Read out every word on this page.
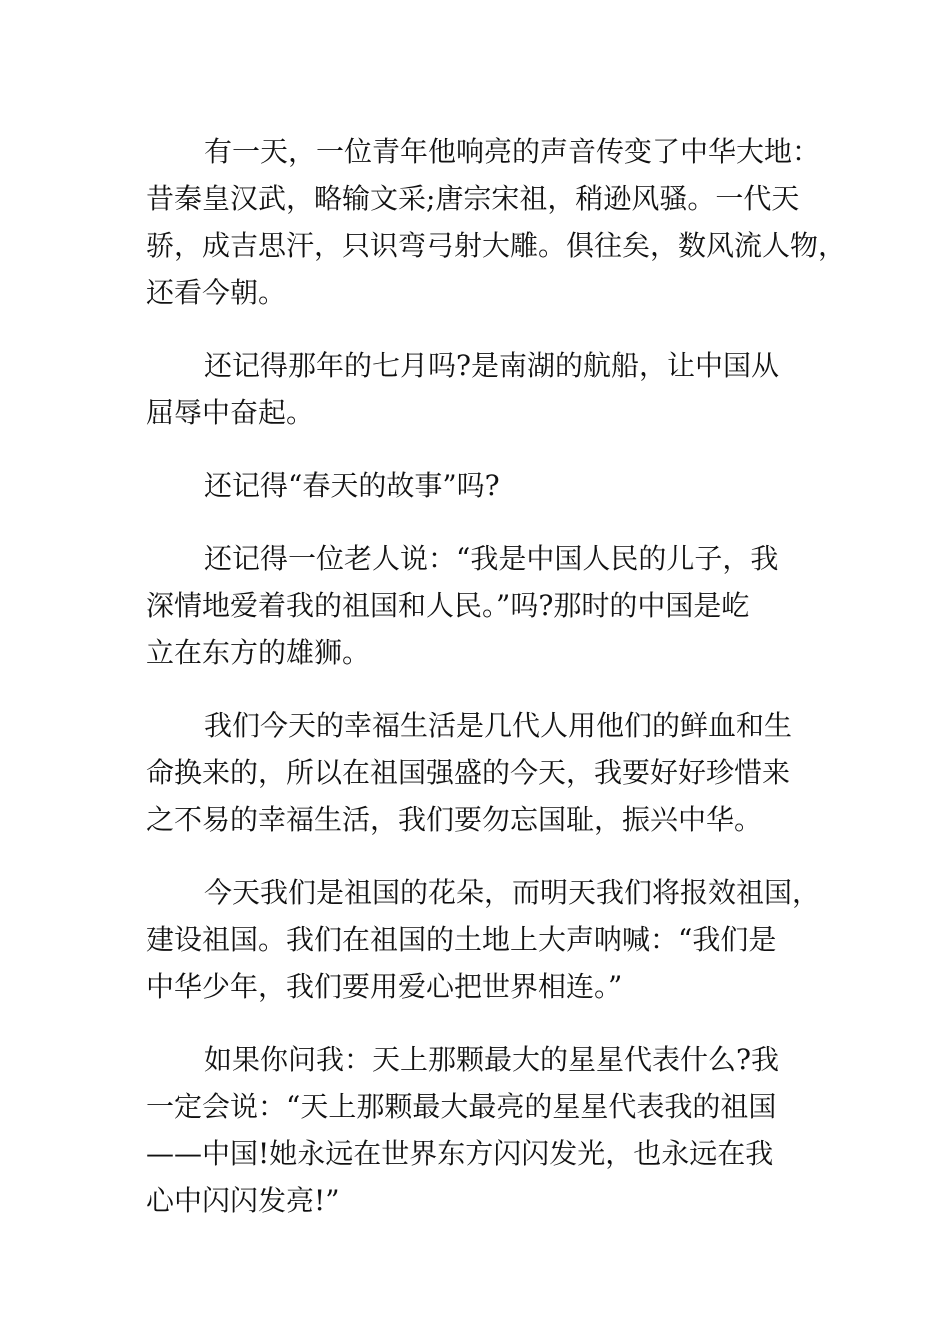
有一天，一位青年他响亮的声音传变了中华大地：
昔秦皇汉武，略输文采;唐宗宋祖，稍逊风骚。一代天
骄，成吉思汗，只识弯弓射大雕。俱往矣，数风流人物，
还看今朝。

还记得那年的七月吗?是南湖的航船，让中国从
屈辱中奋起。

还记得“春天的故事”吗?

还记得一位老人说：“我是中国人民的儿子，我
深情地爱着我的祖国和人民。”吗?那时的中国是屹
立在东方的雄狮。

我们今天的幸福生活是几代人用他们的鲜血和生
命换来的，所以在祖国强盛的今天，我要好好珍惜来
之不易的幸福生活，我们要勿忘国耻，振兴中华。

今天我们是祖国的花朵，而明天我们将报效祖国，
建设祖国。我们在祖国的土地上大声呐喊：“我们是
中华少年，我们要用爱心把世界相连。”

如果你问我：天上那颗最大的星星代表什么?我
一定会说：“天上那颗最大最亮的星星代表我的祖国
——中国!她永远在世界东方闪闪发光，也永远在我
心中闪闪发亮!”
